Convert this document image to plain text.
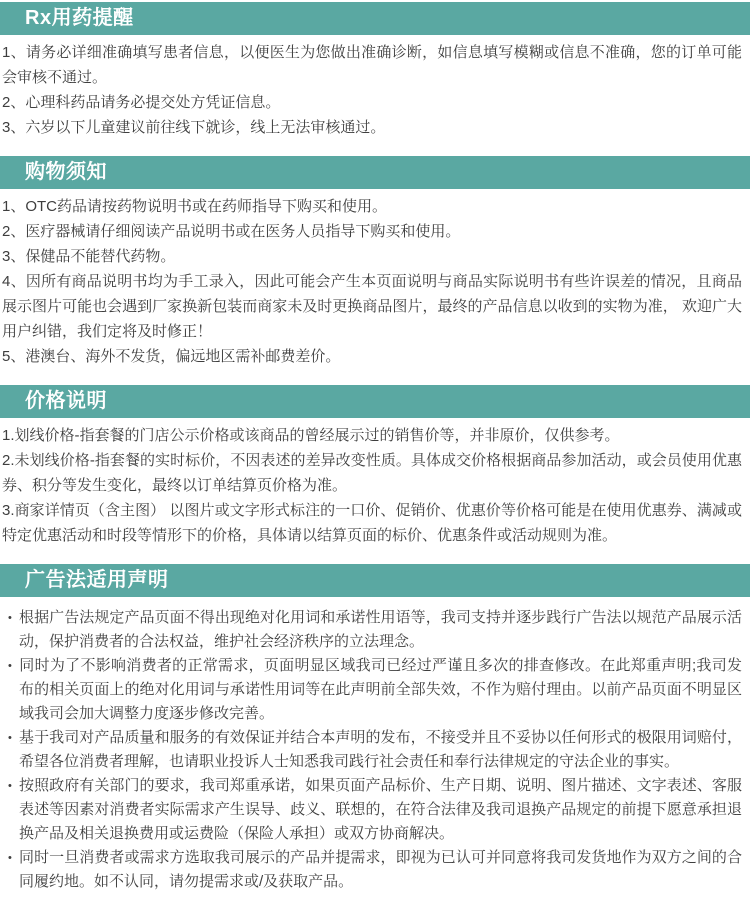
Rx用药提醒

1、请务必详细准确填写患者信息，以便医生为您做出准确诊断，如信息填写模糊或信息不准确，您的订单可能会审核不通过。

2、心理科药品请务必提交处方凭证信息。

3、六岁以下儿童建议前往线下就诊，线上无法审核通过。

购物须知

1、OTC药品请按药物说明书或在药师指导下购买和使用。

2、医疗器械请仔细阅读产品说明书或在医务人员指导下购买和使用。

3、保健品不能替代药物。

4、因所有商品说明书均为手工录入，因此可能会产生本页面说明与商品实际说明书有些许误差的情况，且商品展示图片可能也会遇到厂家换新包装而商家未及时更换商品图片，最终的产品信息以收到的实物为准， 欢迎广大用户纠错，我们定将及时修正！

5、港澳台、海外不发货，偏远地区需补邮费差价。

价格说明

1.划线价格-指套餐的门店公示价格或该商品的曾经展示过的销售价等，并非原价，仅供参考。

2.未划线价格-指套餐的实时标价，不因表述的差异改变性质。具体成交价格根据商品参加活动，或会员使用优惠券、积分等发生变化，最终以订单结算页价格为准。

3.商家详情页（含主图） 以图片或文字形式标注的一口价、促销价、优惠价等价格可能是在使用优惠券、满减或特定优惠活动和时段等情形下的价格，具体请以结算页面的标价、优惠条件或活动规则为准。

广告法适用声明

• 根据广告法规定产品页面不得出现绝对化用词和承诺性用语等，我司支持并逐步践行广告法以规范产品展示活动，保护消费者的合法权益，维护社会经济秩序的立法理念。

• 同时为了不影响消费者的正常需求，页面明显区域我司已经过严谨且多次的排查修改。在此郑重声明;我司发布的相关页面上的绝对化用词与承诺性用词等在此声明前全部失效，不作为赔付理由。以前产品页面不明显区域我司会加大调整力度逐步修改完善。

• 基于我司对产品质量和服务的有效保证并结合本声明的发布，不接受并且不妥协以任何形式的极限用词赔付，希望各位消费者理解，也请职业投诉人士知悉我司践行社会责任和奉行法律规定的守法企业的事实。

• 按照政府有关部门的要求，我司郑重承诺，如果页面产品标价、生产日期、说明、图片描述、文字表述、客服表述等因素对消费者实际需求产生误导、歧义、联想的，在符合法律及我司退换产品规定的前提下愿意承担退换产品及相关退换费用或运费险（保险人承担）或双方协商解决。

• 同时一旦消费者或需求方选取我司展示的产品并提需求，即视为已认可并同意将我司发货地作为双方之间的合同履约地。如不认同，请勿提需求或/及获取产品。
